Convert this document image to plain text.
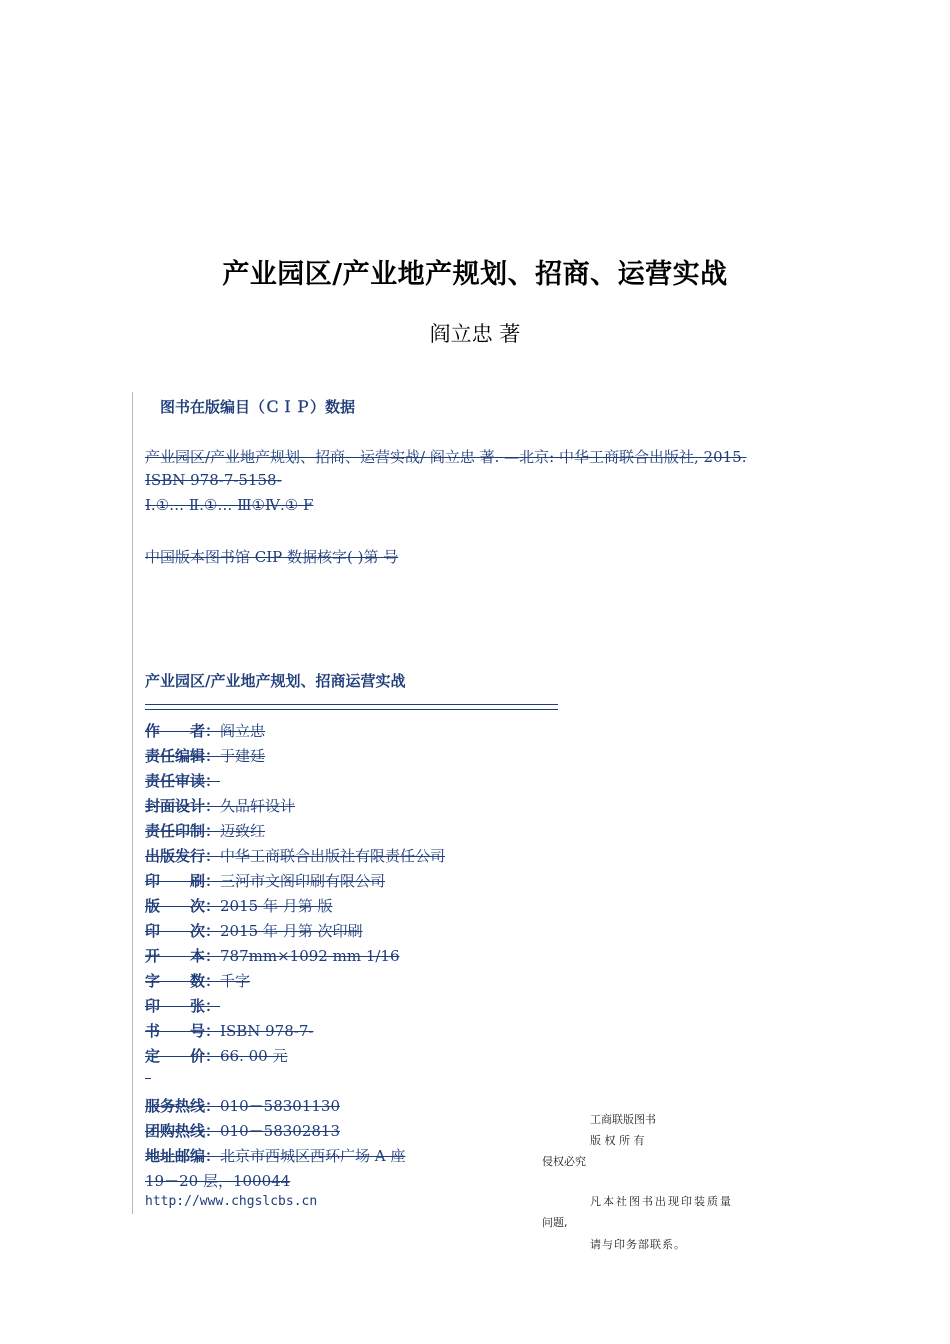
产业园区/产业地产规划、招商、运营实战
阎立忠 著
图书在版编目（ＣＩＰ）数据
产业园区/产业地产规划、招商、运营实战/ 阎立忠 著. —北京: 中华工商联合出版社, 2015.
ISBN 978-7-5158-
Ⅰ.①… Ⅱ.①… Ⅲ①Ⅳ.① F
中国版本图书馆 CIP 数据核字( )第 号
产业园区/产业地产规划、招商运营实战
作　　者：阎立忠
责任编辑：于建廷
责任审读：
封面设计：久品轩设计
责任印制：迈致红
出版发行：中华工商联合出版社有限责任公司
印　　刷：三河市文阁印刷有限公司
版　　次：2015 年 月第 版
印　　次：2015 年 月第 次印刷
开　　本：787mm×1092 mm 1/16
字　　数：千字
印　　张：
书　　号：ISBN 978-7-
定　　价：66. 00 元
–
服务热线：010－58301130
团购热线：010－58302813
地址邮编：北京市西城区西环广场 A 座
19－20 层，100044
http://www.chgslcbs.cn
工商联版图书
版 权 所 有
侵权必究
凡本社图书出现印装质量
问题,
请与印务部联系。
